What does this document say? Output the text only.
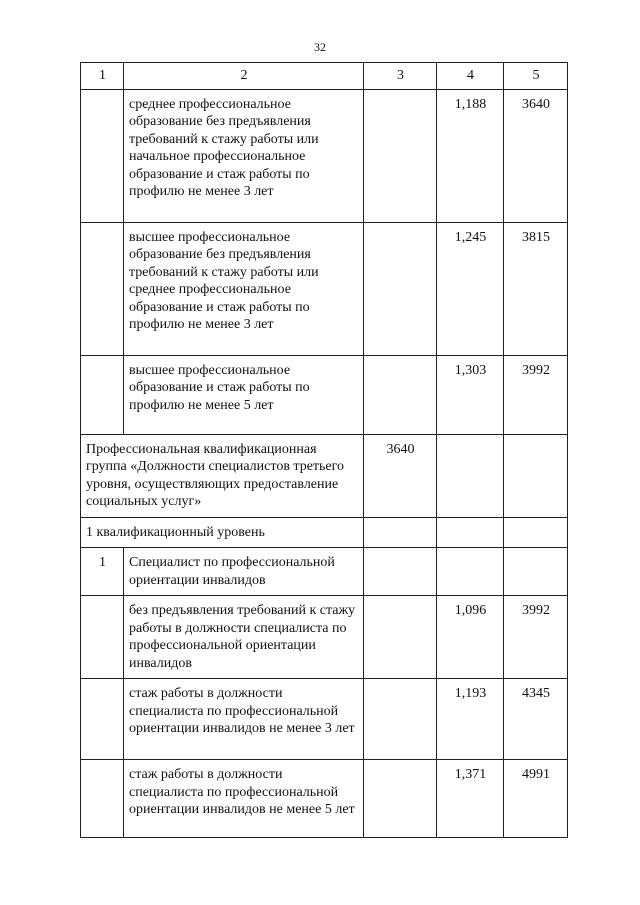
32
1	2	3	4	5
	среднее профессиональное образование без предъявления требований к стажу работы или начальное профессиональное образование и стаж работы по профилю не менее 3 лет		1,188	3640
	высшее профессиональное образование без предъявления требований к стажу работы или среднее профессиональное образование и стаж работы по профилю не менее 3 лет		1,245	3815
	высшее профессиональное образование и стаж работы по профилю не менее 5 лет		1,303	3992
Профессиональная квалификационная группа «Должности специалистов третьего уровня, осуществляющих предоставление социальных услуг»		3640		
1 квалификационный уровень				
1	Специалист по профессиональной ориентации инвалидов			
	без предъявления требований к стажу работы в должности специалиста по профессиональной ориентации инвалидов		1,096	3992
	стаж работы в должности специалиста по профессиональной ориентации инвалидов не менее 3 лет		1,193	4345
	стаж работы в должности специалиста по профессиональной ориентации инвалидов не менее 5 лет		1,371	4991
